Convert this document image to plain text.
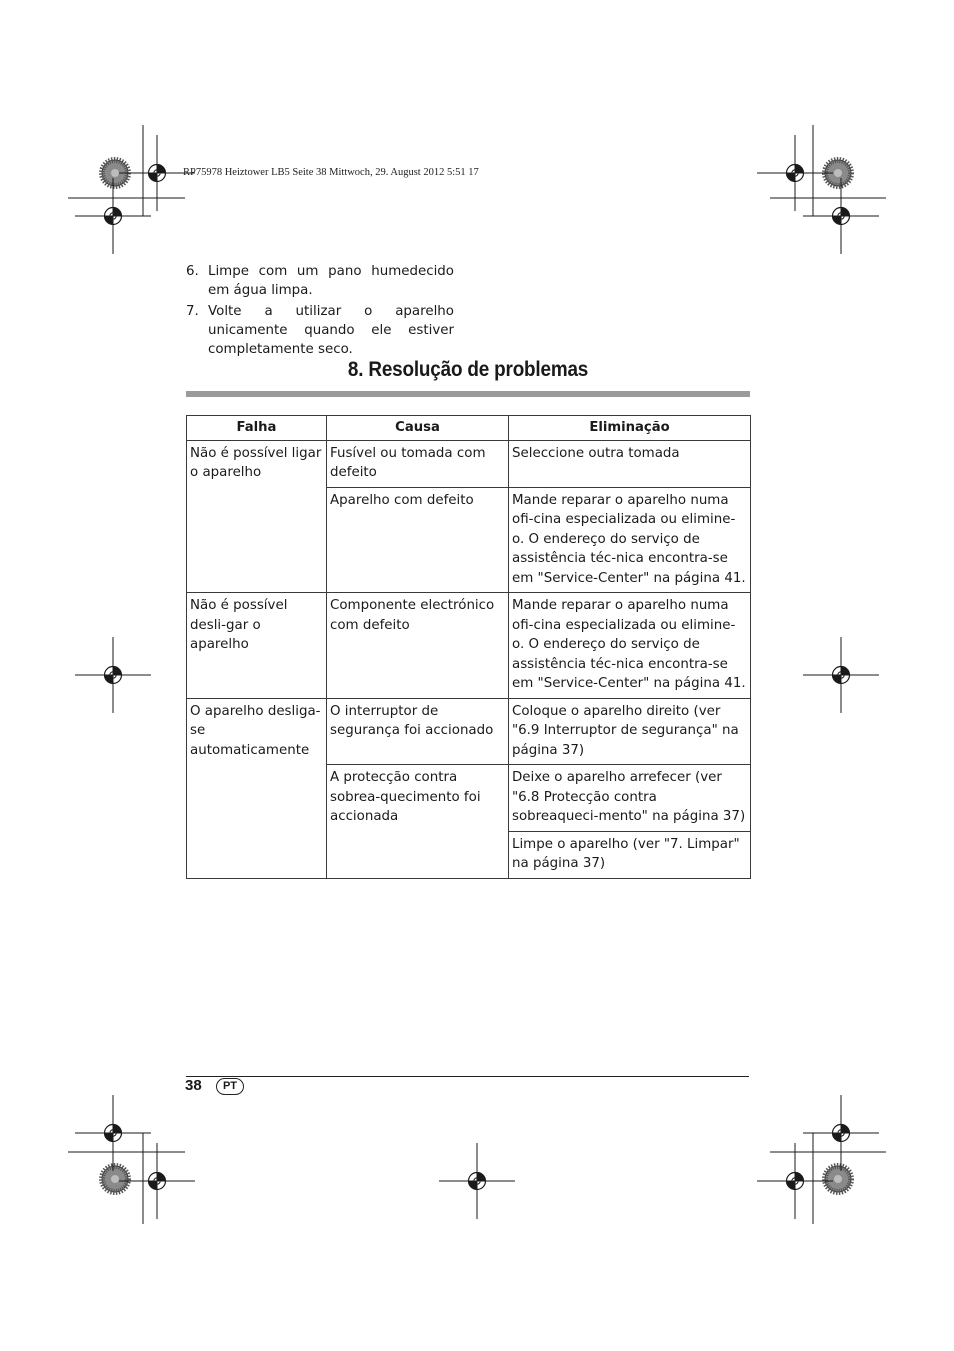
RP75978 Heiztower LB5 Seite 38 Mittwoch, 29. August 2012 5:51 17
6. Limpe com um pano humedecido em água limpa.
7. Volte a utilizar o aparelho unicamente quando ele estiver completamente seco.
8. Resolução de problemas
Falha	Causa	Eliminação
Não é possível ligar o aparelho	Fusível ou tomada com defeito	Seleccione outra tomada
	Aparelho com defeito	Mande reparar o aparelho numa ofi-cina especializada ou elimine-o. O endereço do serviço de assistência téc-nica encontra-se em "Service-Center" na página 41.
Não é possível desli-gar o aparelho	Componente electrónico com defeito	Mande reparar o aparelho numa ofi-cina especializada ou elimine-o. O endereço do serviço de assistência téc-nica encontra-se em "Service-Center" na página 41.
O aparelho desliga-se automaticamente	O interruptor de segurança foi accionado	Coloque o aparelho direito (ver "6.9 Interruptor de segurança" na página 37)
	A protecção contra sobrea-quecimento foi accionada	Deixe o aparelho arrefecer (ver "6.8 Protecção contra sobreaqueci-mento" na página 37)
		Limpe o aparelho (ver "7. Limpar" na página 37)
38	PT
